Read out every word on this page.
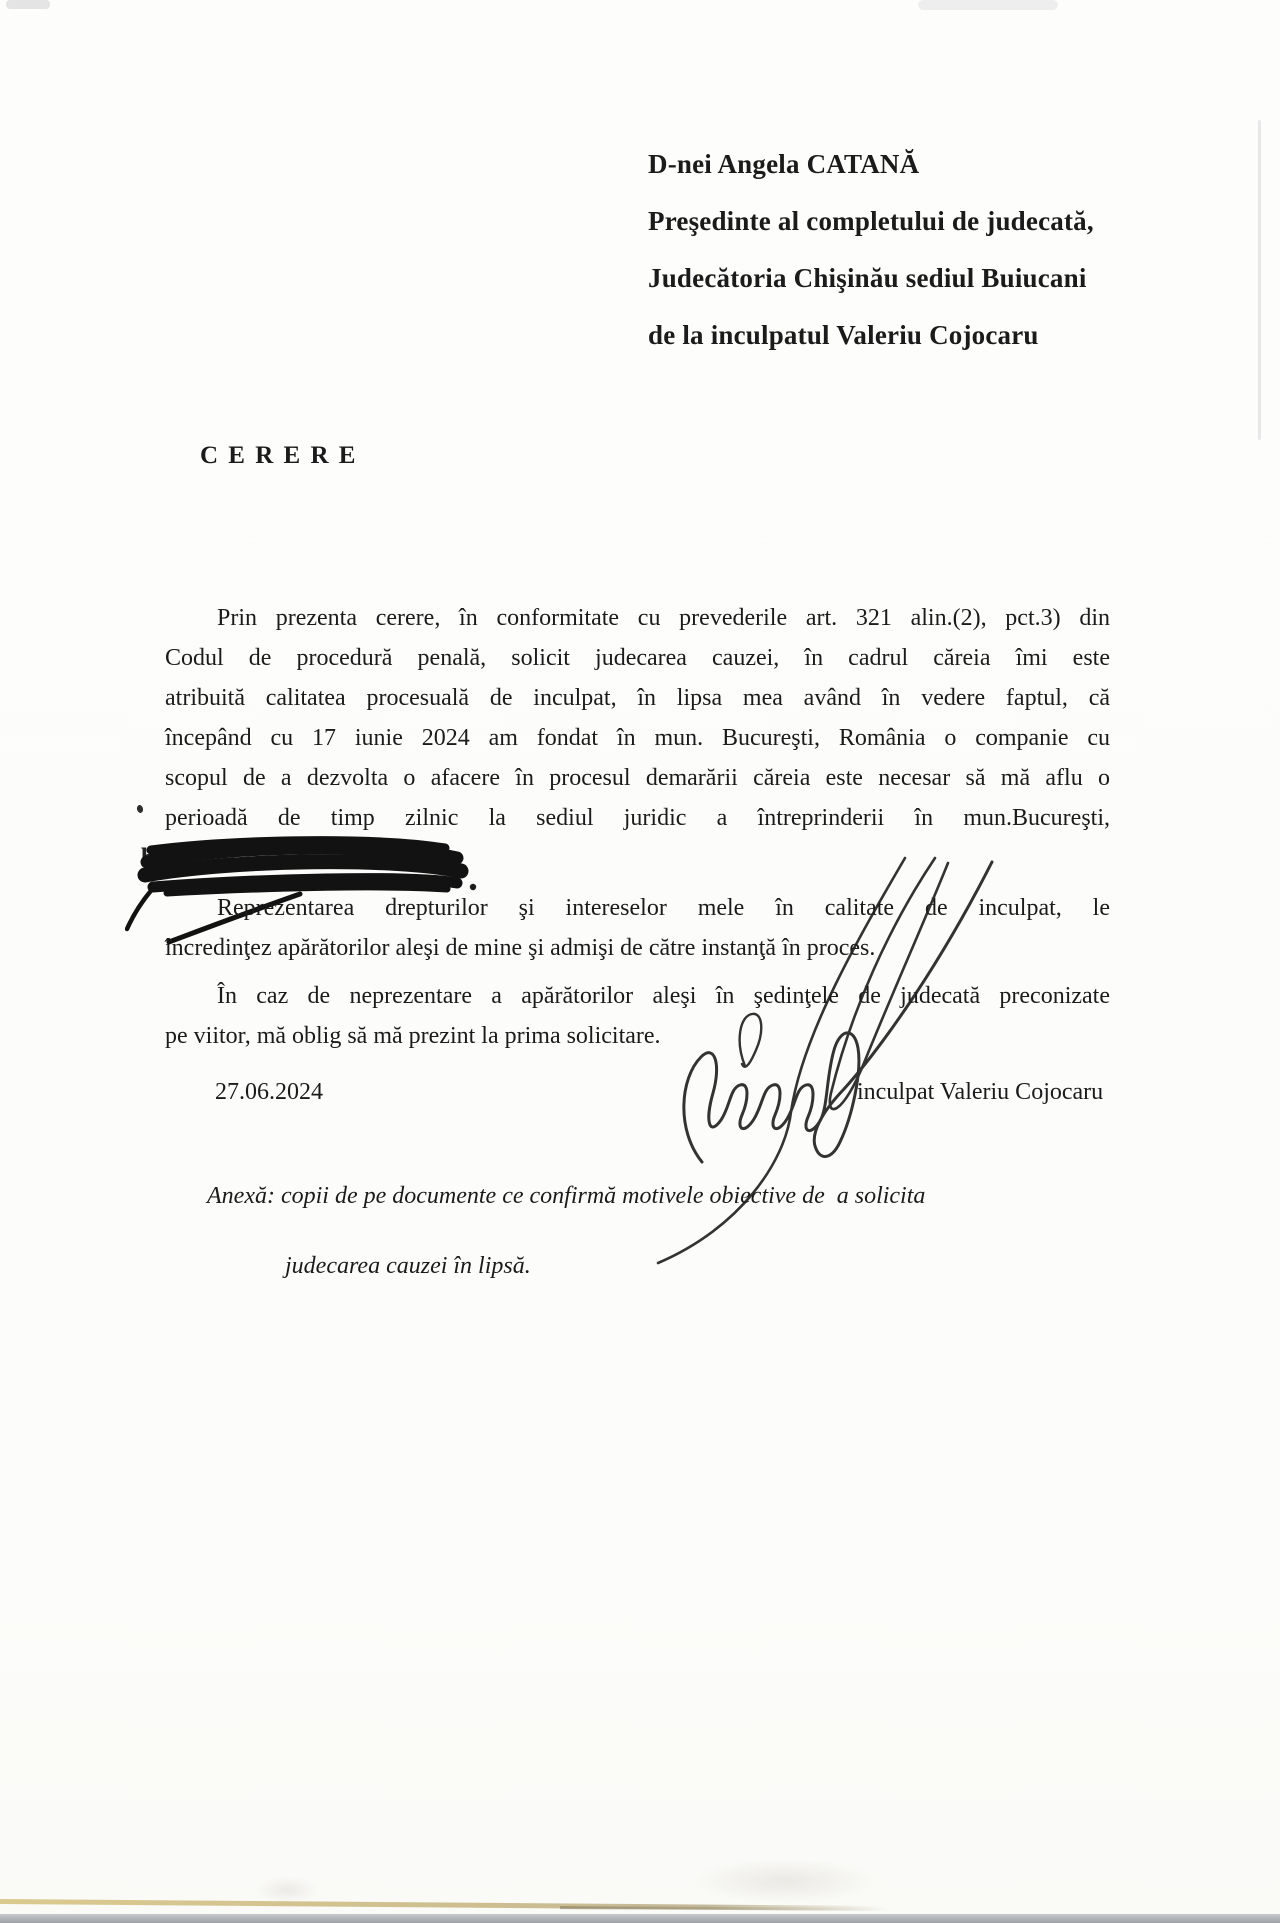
D-nei Angela CATANĂ
Preşedinte al completului de judecată,
Judecătoria Chişinău sediul Buiucani
de la inculpatul Valeriu Cojocaru
C E R E R E
Prin prezenta cerere, în conformitate cu prevederile art. 321 alin.(2), pct.3) din
Codul de procedură penală, solicit judecarea cauzei, în cadrul căreia îmi este
atribuită calitatea procesuală de inculpat, în lipsa mea având în vedere faptul, că
începând cu 17 iunie 2024 am fondat în mun. Bucureşti, România o companie cu
scopul de a dezvolta o afacere în procesul demarării căreia este necesar să mă aflu o
perioadă de timp zilnic la sediul juridic a întreprinderii în mun.Bucureşti,
bd.A	î.i.
Reprezentarea drepturilor şi intereselor mele în calitate de inculpat, le
încredinţez apărătorilor aleşi de mine şi admişi de către instanţă în proces.
În caz de neprezentare a apărătorilor aleşi în şedinţele de judecată preconizate
pe viitor, mă oblig să mă prezint la prima solicitare.
27.06.2024	inculpat Valeriu Cojocaru
Anexă: copii de pe documente ce confirmă motivele obiective de  a solicita
judecarea cauzei în lipsă.
